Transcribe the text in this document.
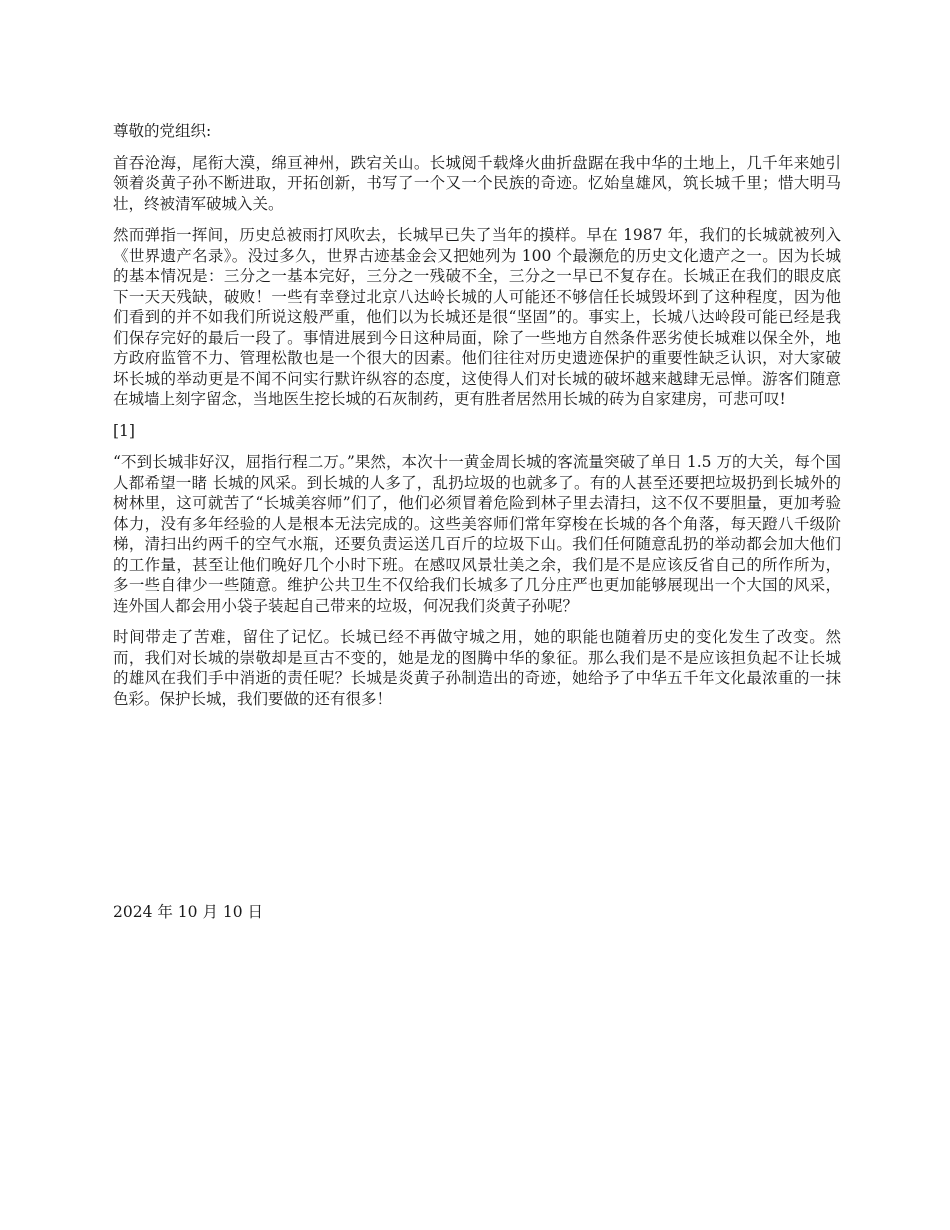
尊敬的党组织:

首吞沧海，尾衔大漠，绵亘神州，跌宕关山。长城阅千载烽火曲折盘踞在我中华的土地上，几千年来她引领着炎黄子孙不断进取，开拓创新，书写了一个又一个民族的奇迹。忆始皇雄风，筑长城千里；惜大明马壮，终被清军破城入关。

然而弹指一挥间，历史总被雨打风吹去，长城早已失了当年的摸样。早在 1987 年，我们的长城就被列入《世界遗产名录》。没过多久，世界古迹基金会又把她列为 100 个最濒危的历史文化遗产之一。因为长城的基本情况是：三分之一基本完好，三分之一残破不全，三分之一早已不复存在。长城正在我们的眼皮底下一天天残缺，破败！一些有幸登过北京八达岭长城的人可能还不够信任长城毁坏到了这种程度，因为他们看到的并不如我们所说这般严重，他们以为长城还是很“坚固”的。事实上，长城八达岭段可能已经是我们保存完好的最后一段了。事情进展到今日这种局面，除了一些地方自然条件恶劣使长城难以保全外，地方政府监管不力、管理松散也是一个很大的因素。他们往往对历史遗迹保护的重要性缺乏认识，对大家破坏长城的举动更是不闻不问实行默许纵容的态度，这使得人们对长城的破坏越来越肆无忌惮。游客们随意在城墙上刻字留念，当地医生挖长城的石灰制药，更有胜者居然用长城的砖为自家建房，可悲可叹!

[1]

“不到长城非好汉，屈指行程二万。”果然，本次十一黄金周长城的客流量突破了单日 1.5 万的大关，每个国人都希望一睹 长城的风采。到长城的人多了，乱扔垃圾的也就多了。有的人甚至还要把垃圾扔到长城外的树林里，这可就苦了“长城美容师”们了，他们必须冒着危险到林子里去清扫，这不仅不要胆量，更加考验体力，没有多年经验的人是根本无法完成的。这些美容师们常年穿梭在长城的各个角落，每天蹬八千级阶梯，清扫出约两千的空气水瓶，还要负责运送几百斤的垃圾下山。我们任何随意乱扔的举动都会加大他们的工作量，甚至让他们晚好几个小时下班。在感叹风景壮美之余，我们是不是应该反省自己的所作所为，多一些自律少一些随意。维护公共卫生不仅给我们长城多了几分庄严也更加能够展现出一个大国的风采，连外国人都会用小袋子装起自己带来的垃圾，何况我们炎黄子孙呢？

时间带走了苦难，留住了记忆。长城已经不再做守城之用，她的职能也随着历史的变化发生了改变。然而，我们对长城的崇敬却是亘古不变的，她是龙的图腾中华的象征。那么我们是不是应该担负起不让长城的雄风在我们手中消逝的责任呢？长城是炎黄子孙制造出的奇迹，她给予了中华五千年文化最浓重的一抹色彩。保护长城，我们要做的还有很多！

2024 年 10 月 10 日
